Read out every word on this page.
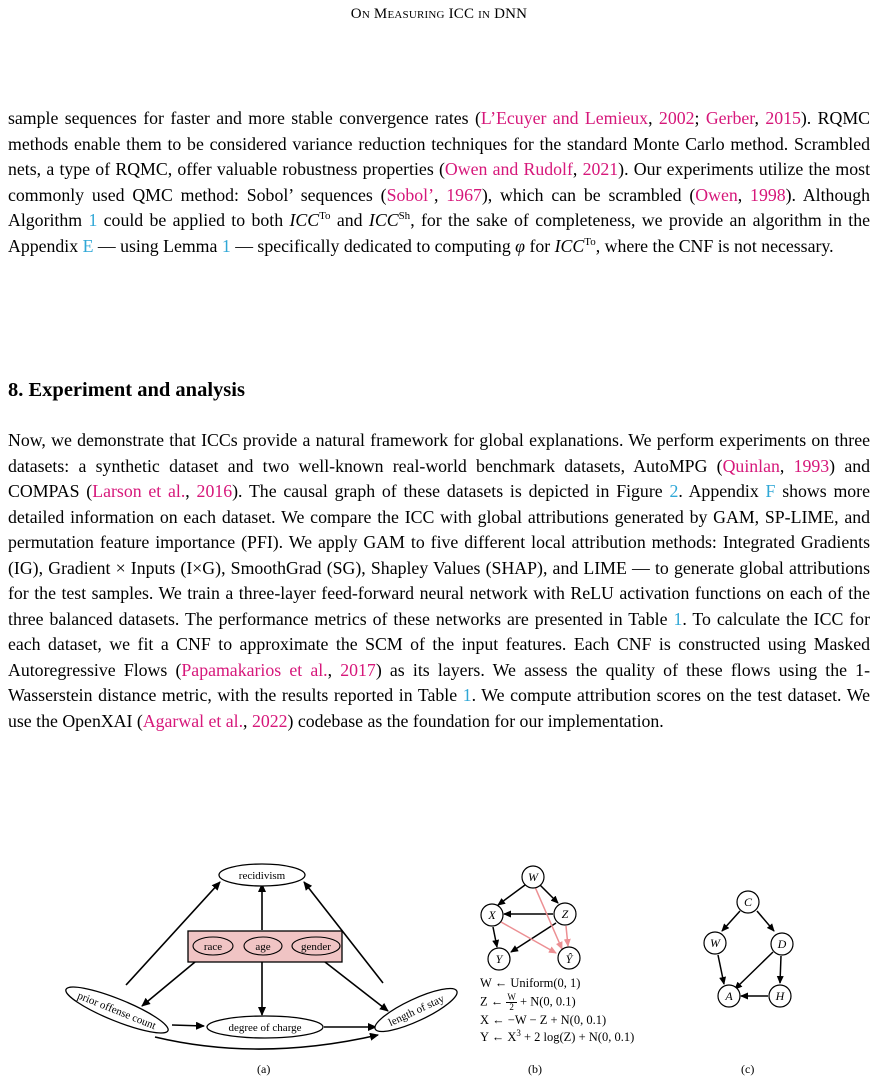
On Measuring ICC in DNN
sample sequences for faster and more stable convergence rates (L’Ecuyer and Lemieux, 2002; Gerber, 2015). RQMC methods enable them to be considered variance reduction techniques for the standard Monte Carlo method. Scrambled nets, a type of RQMC, offer valuable robustness properties (Owen and Rudolf, 2021). Our experiments utilize the most commonly used QMC method: Sobol’ sequences (Sobol’, 1967), which can be scrambled (Owen, 1998). Although Algorithm 1 could be applied to both $ICC^{To}$ and $ICC^{Sh}$, for the sake of completeness, we provide an algorithm in the Appendix E — using Lemma 1 — specifically dedicated to computing φ for $ICC^{To}$, where the CNF is not necessary.
8. Experiment and analysis
Now, we demonstrate that ICCs provide a natural framework for global explanations. We perform experiments on three datasets: a synthetic dataset and two well-known real-world benchmark datasets, AutoMPG (Quinlan, 1993) and COMPAS (Larson et al., 2016). The causal graph of these datasets is depicted in Figure 2. Appendix F shows more detailed information on each dataset. We compare the ICC with global attributions generated by GAM, SP-LIME, and permutation feature importance (PFI). We apply GAM to five different local attribution methods: Integrated Gradients (IG), Gradient × Inputs (I×G), SmoothGrad (SG), Shapley Values (SHAP), and LIME — to generate global attributions for the test samples. We train a three-layer feed-forward neural network with ReLU activation functions on each of the three balanced datasets. The performance metrics of these networks are presented in Table 1. To calculate the ICC for each dataset, we fit a CNF to approximate the SCM of the input features. Each CNF is constructed using Masked Autoregressive Flows (Papamakarios et al., 2017) as its layers. We assess the quality of these flows using the 1-Wasserstein distance metric, with the results reported in Table 1. We compute attribution scores on the test dataset. We use the OpenXAI (Agarwal et al., 2022) codebase as the foundation for our implementation.
recidivism
race	age	gender
degree of charge
prior offense count	length of stay
W
X	Z
Y	Ŷ
W ← Uniform(0, 1)
Z ← $\frac{W}{2} + N(0$, 0.1)
X ← −W − Z + N(0, 0.1)
Y ← $X^3 + 2$ log(Z) + N(0, 0.1)
C
W	D
A	H
(a)	(b)	(c)
